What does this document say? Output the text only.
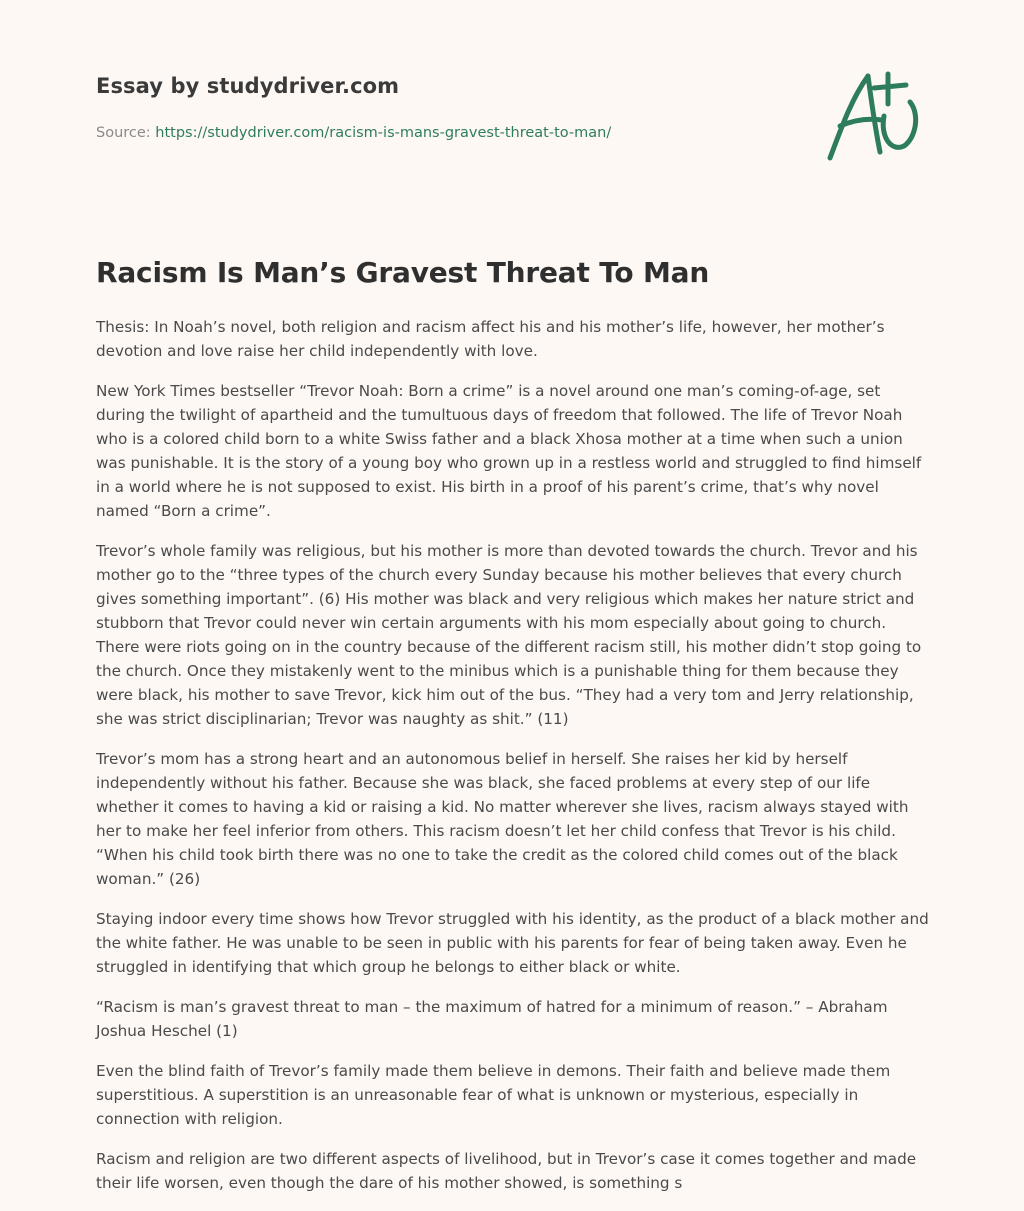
Essay by studydriver.com
Source: https://studydriver.com/racism-is-mans-gravest-threat-to-man/
Racism Is Man’s Gravest Threat To Man

Thesis: In Noah’s novel, both religion and racism affect his and his mother’s life, however, her mother’s devotion and love raise her child independently with love.

New York Times bestseller “Trevor Noah: Born a crime” is a novel around one man’s coming-of-age, set during the twilight of apartheid and the tumultuous days of freedom that followed. The life of Trevor Noah who is a colored child born to a white Swiss father and a black Xhosa mother at a time when such a union was punishable. It is the story of a young boy who grown up in a restless world and struggled to find himself in a world where he is not supposed to exist. His birth in a proof of his parent’s crime, that’s why novel named “Born a crime”.

Trevor’s whole family was religious, but his mother is more than devoted towards the church. Trevor and his mother go to the “three types of the church every Sunday because his mother believes that every church gives something important”. (6) His mother was black and very religious which makes her nature strict and stubborn that Trevor could never win certain arguments with his mom especially about going to church. There were riots going on in the country because of the different racism still, his mother didn’t stop going to the church. Once they mistakenly went to the minibus which is a punishable thing for them because they were black, his mother to save Trevor, kick him out of the bus. “They had a very tom and Jerry relationship, she was strict disciplinarian; Trevor was naughty as shit.” (11)

Trevor’s mom has a strong heart and an autonomous belief in herself. She raises her kid by herself independently without his father. Because she was black, she faced problems at every step of our life whether it comes to having a kid or raising a kid. No matter wherever she lives, racism always stayed with her to make her feel inferior from others. This racism doesn’t let her child confess that Trevor is his child. “When his child took birth there was no one to take the credit as the colored child comes out of the black woman.” (26)

Staying indoor every time shows how Trevor struggled with his identity, as the product of a black mother and the white father. He was unable to be seen in public with his parents for fear of being taken away. Even he struggled in identifying that which group he belongs to either black or white.

“Racism is man’s gravest threat to man – the maximum of hatred for a minimum of reason.” – Abraham Joshua Heschel (1)

Even the blind faith of Trevor’s family made them believe in demons. Their faith and believe made them superstitious. A superstition is an unreasonable fear of what is unknown or mysterious, especially in connection with religion.

Racism and religion are two different aspects of livelihood, but in Trevor’s case it comes together and made their life worsen, even though the dare of his mother showed, is something s
